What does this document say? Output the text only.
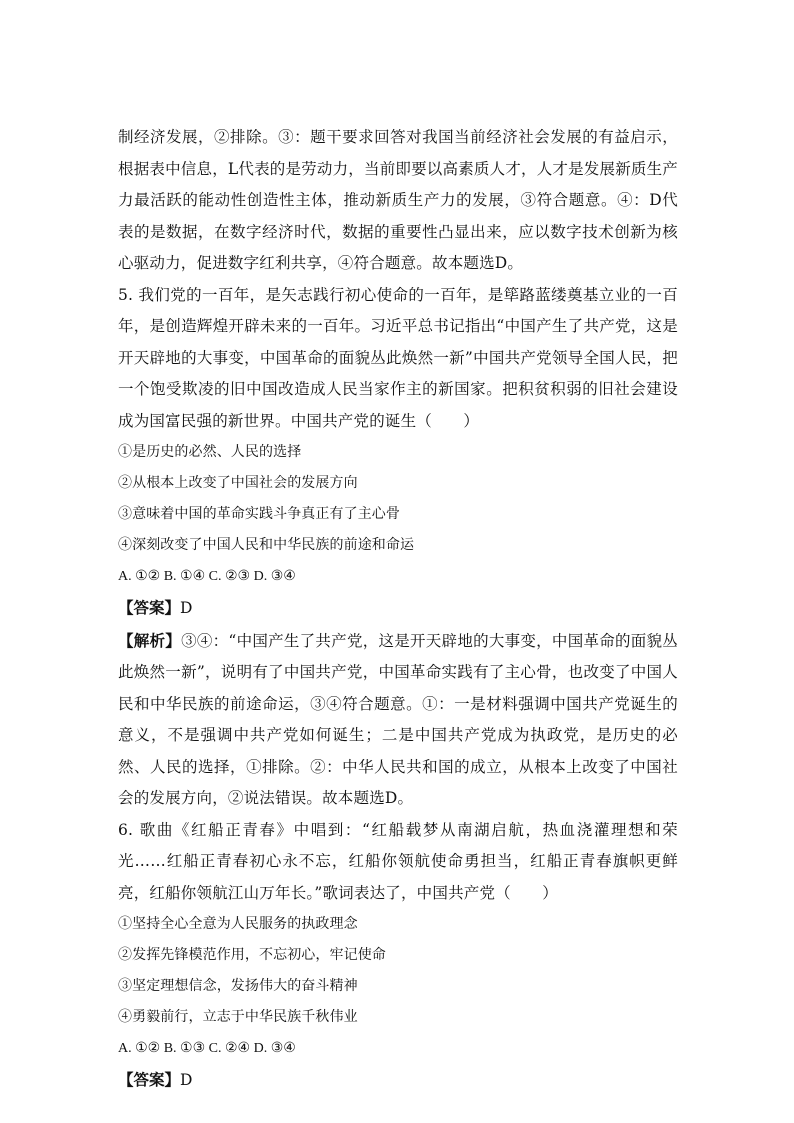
制经济发展，②排除。③：题干要求回答对我国当前经济社会发展的有益启示，根据表中信息，L代表的是劳动力，当前即要以高素质人才，人才是发展新质生产力最活跃的能动性创造性主体，推动新质生产力的发展，③符合题意。④：D代表的是数据，在数字经济时代，数据的重要性凸显出来，应以数字技术创新为核心驱动力，促进数字红利共享，④符合题意。故本题选D。

5. 我们党的一百年，是矢志践行初心使命的一百年，是筚路蓝缕奠基立业的一百年，是创造辉煌开辟未来的一百年。习近平总书记指出“中国产生了共产党，这是开天辟地的大事变，中国革命的面貌丛此焕然一新”中国共产党领导全国人民，把一个饱受欺凌的旧中国改造成人民当家作主的新国家。把积贫积弱的旧社会建设成为国富民强的新世界。中国共产党的诞生（　　）

①是历史的必然、人民的选择

②从根本上改变了中国社会的发展方向

③意味着中国的革命实践斗争真正有了主心骨

④深刻改变了中国人民和中华民族的前途和命运

A. ①② B. ①④ C. ②③ D. ③④

【答案】D

【解析】③④：“中国产生了共产党，这是开天辟地的大事变，中国革命的面貌丛此焕然一新”，说明有了中国共产党，中国革命实践有了主心骨，也改变了中国人民和中华民族的前途命运，③④符合题意。①：一是材料强调中国共产党诞生的意义，不是强调中共产党如何诞生；二是中国共产党成为执政党，是历史的必然、人民的选择，①排除。②：中华人民共和国的成立，从根本上改变了中国社会的发展方向，②说法错误。故本题选D。

6. 歌曲《红船正青春》中唱到：“红船载梦从南湖启航，热血浇灌理想和荣光……红船正青春初心永不忘，红船你领航使命勇担当，红船正青春旗帜更鲜亮，红船你领航江山万年长。”歌词表达了，中国共产党（　　）

①坚持全心全意为人民服务的执政理念

②发挥先锋模范作用，不忘初心，牢记使命

③坚定理想信念，发扬伟大的奋斗精神

④勇毅前行，立志于中华民族千秋伟业

A. ①② B. ①③ C. ②④ D. ③④

【答案】D
